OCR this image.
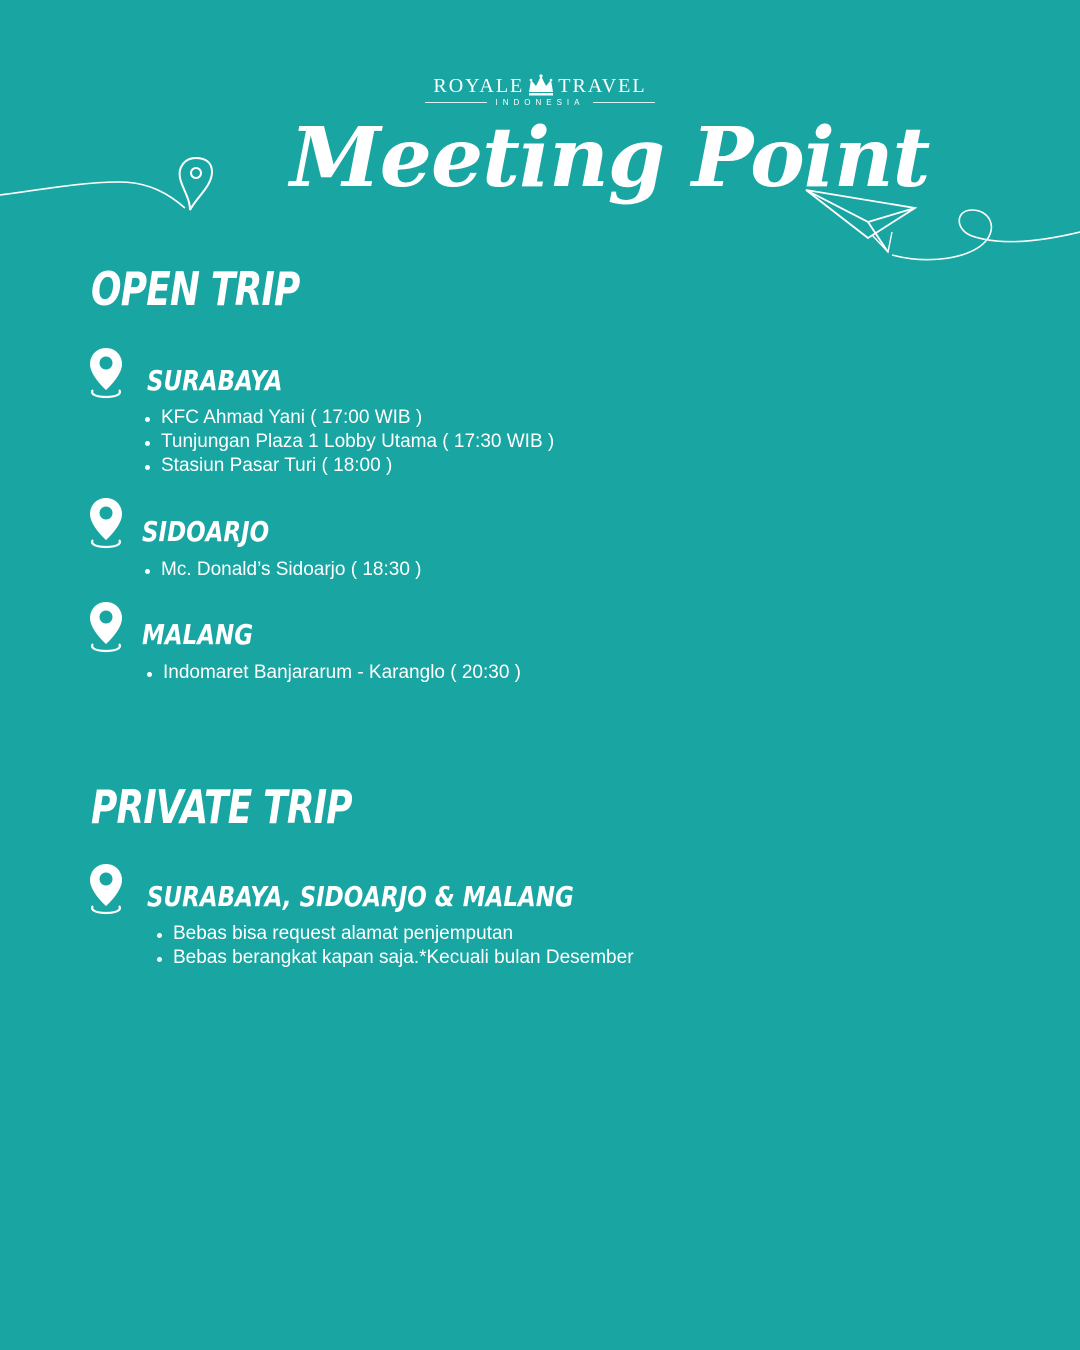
ROYALE TRAVEL
INDONESIA
Meeting Point
OPEN TRIP
SURABAYA
KFC Ahmad Yani ( 17:00 WIB )
Tunjungan Plaza 1 Lobby Utama ( 17:30 WIB )
Stasiun Pasar Turi ( 18:00 )
SIDOARJO
Mc. Donald’s Sidoarjo ( 18:30 )
MALANG
Indomaret Banjararum - Karanglo ( 20:30 )
PRIVATE TRIP
SURABAYA, SIDOARJO & MALANG
Bebas bisa request alamat penjemputan
Bebas berangkat kapan saja.*Kecuali bulan Desember
